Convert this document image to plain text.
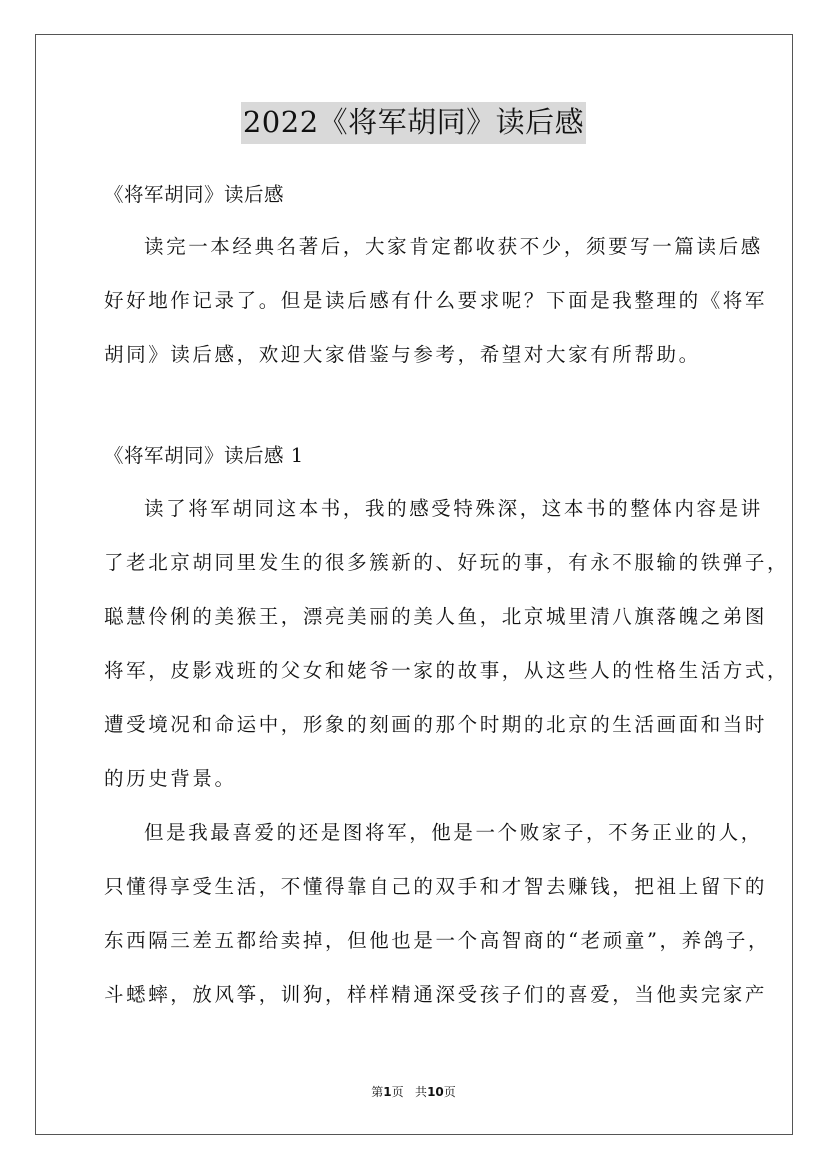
2022《将军胡同》读后感

《将军胡同》读后感

读完一本经典名著后，大家肯定都收获不少，须要写一篇读后感
好好地作记录了。但是读后感有什么要求呢？下面是我整理的《将军
胡同》读后感，欢迎大家借鉴与参考，希望对大家有所帮助。

《将军胡同》读后感 1

读了将军胡同这本书，我的感受特殊深，这本书的整体内容是讲
了老北京胡同里发生的很多簇新的、好玩的事，有永不服输的铁弹子，
聪慧伶俐的美猴王，漂亮美丽的美人鱼，北京城里清八旗落魄之弟图
将军，皮影戏班的父女和姥爷一家的故事，从这些人的性格生活方式，
遭受境况和命运中，形象的刻画的那个时期的北京的生活画面和当时
的历史背景。

但是我最喜爱的还是图将军，他是一个败家子，不务正业的人，
只懂得享受生活，不懂得靠自己的双手和才智去赚钱，把祖上留下的
东西隔三差五都给卖掉，但他也是一个高智商的“老顽童”，养鸽子，
斗蟋蟀，放风筝，训狗，样样精通深受孩子们的喜爱，当他卖完家产

第1页 共10页
